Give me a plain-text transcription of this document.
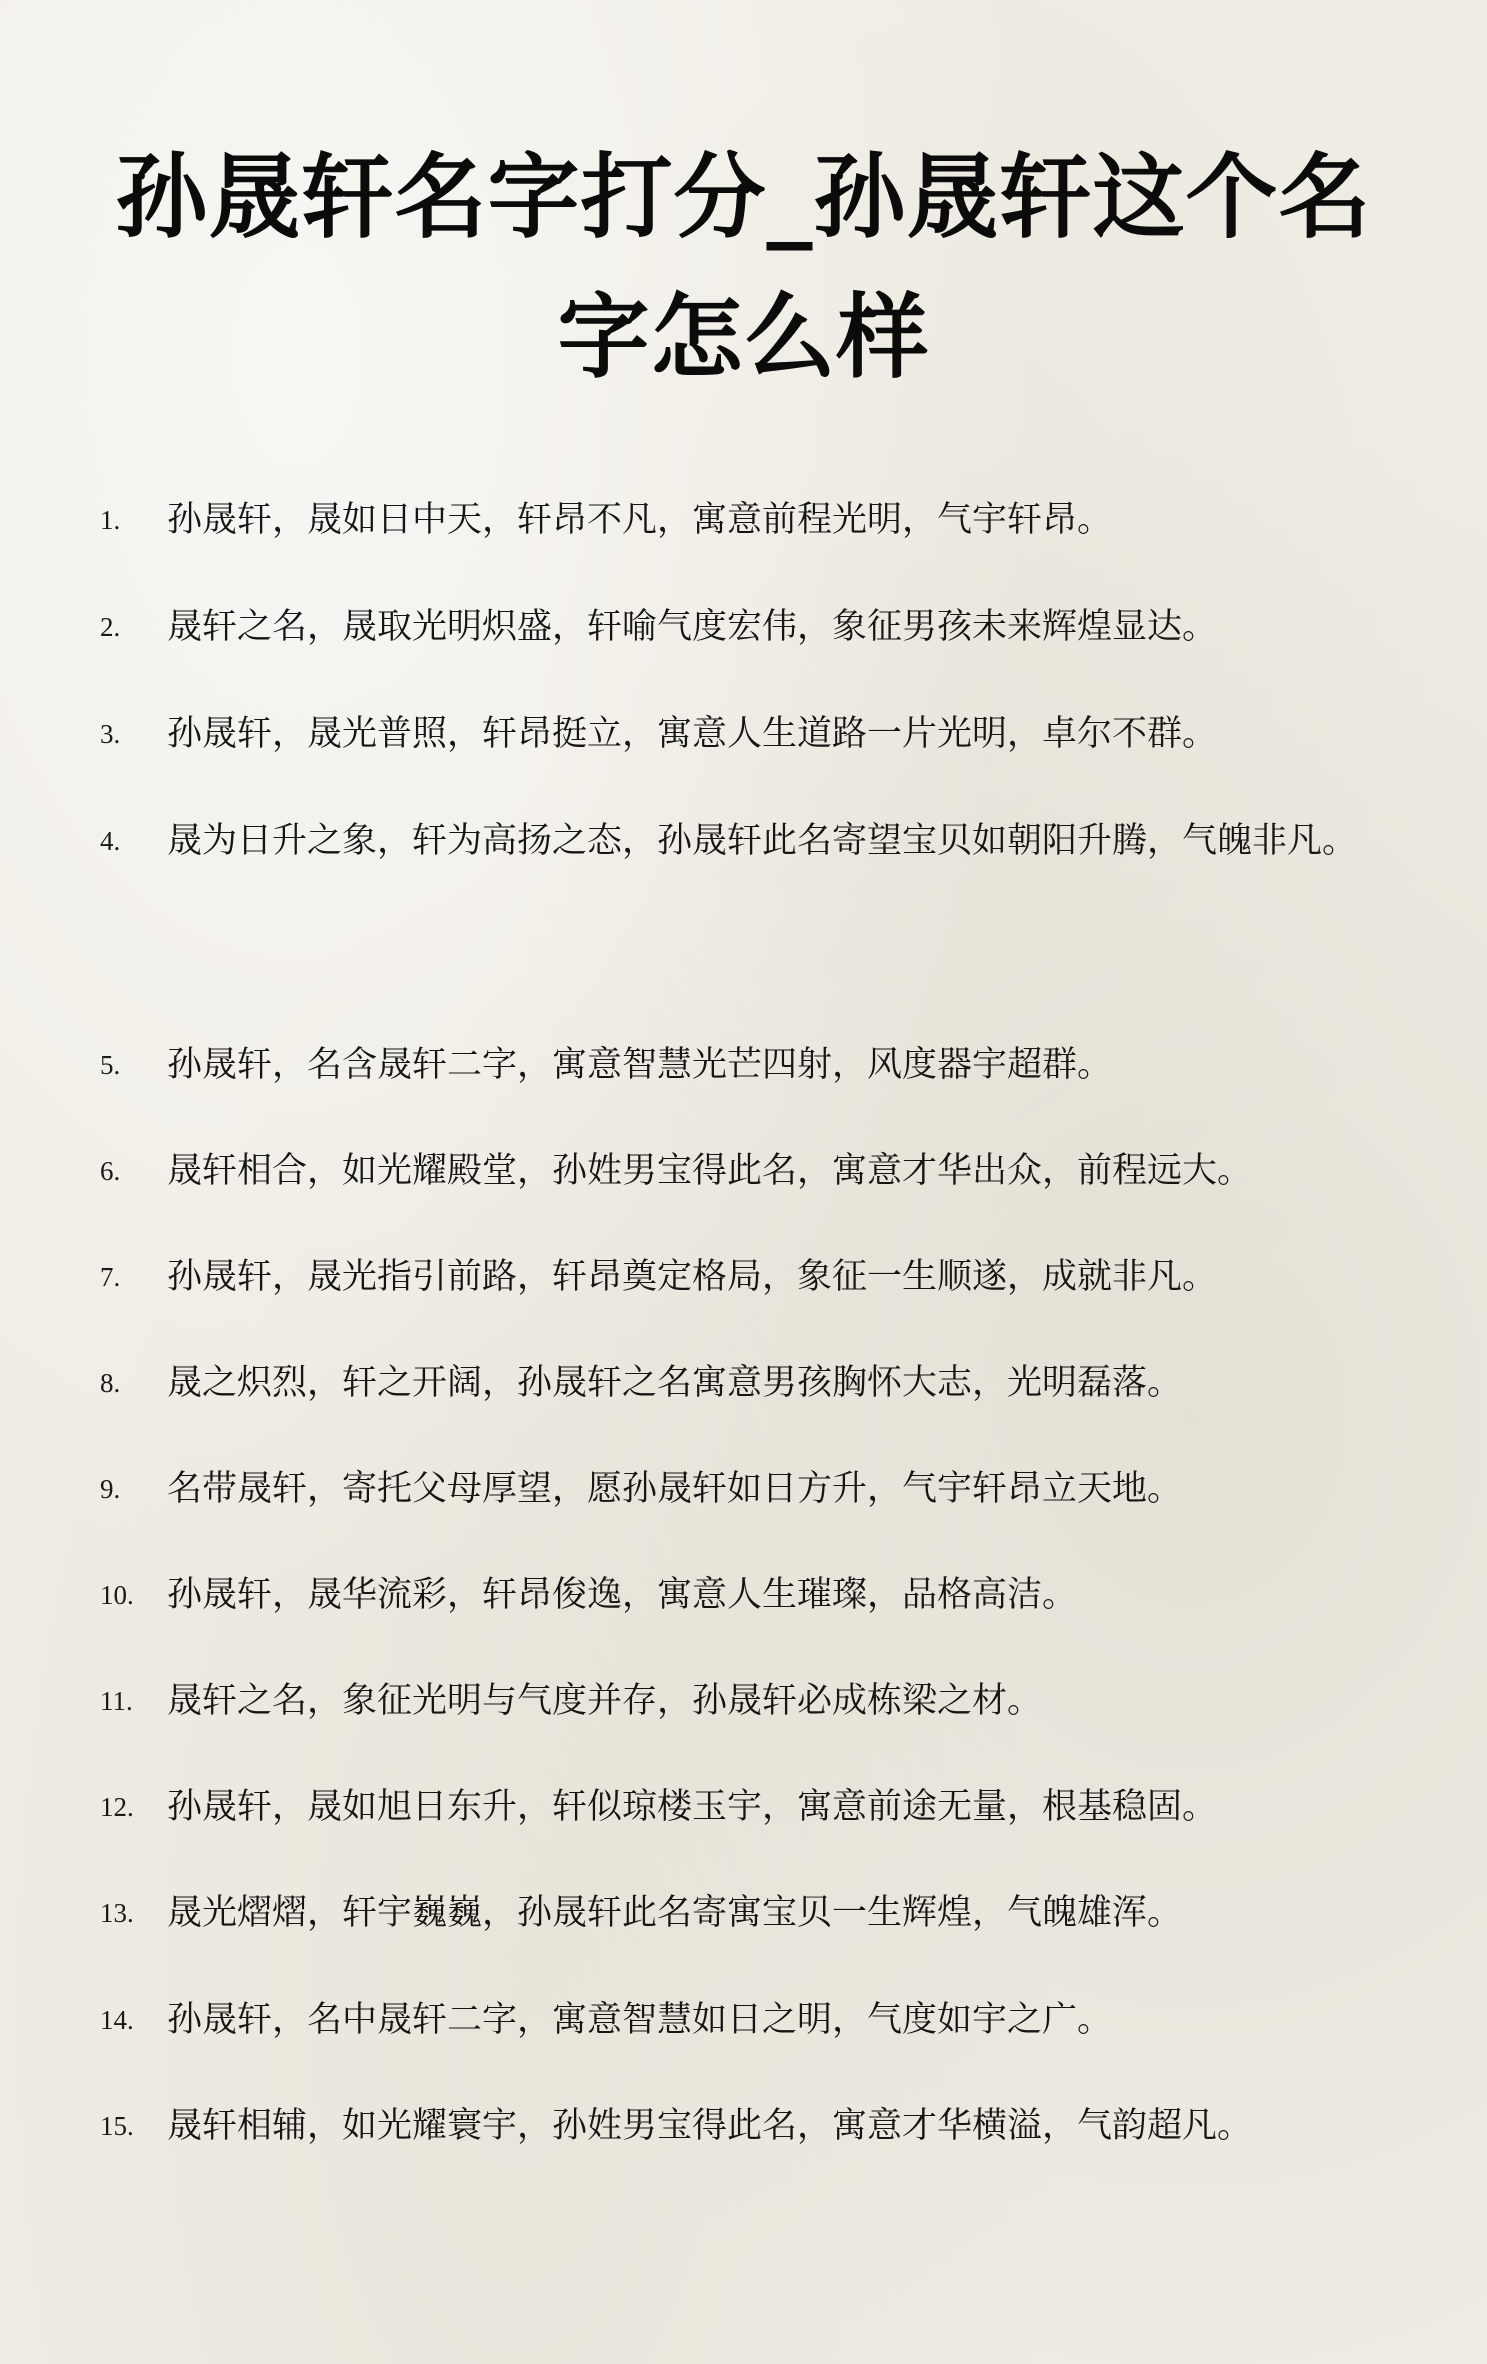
孙晟轩名字打分_孙晟轩这个名字怎么样
1. 孙晟轩，晟如日中天，轩昂不凡，寓意前程光明，气宇轩昂。
2. 晟轩之名，晟取光明炽盛，轩喻气度宏伟，象征男孩未来辉煌显达。
3. 孙晟轩，晟光普照，轩昂挺立，寓意人生道路一片光明，卓尔不群。
4. 晟为日升之象，轩为高扬之态，孙晟轩此名寄望宝贝如朝阳升腾，气魄非凡。
5. 孙晟轩，名含晟轩二字，寓意智慧光芒四射，风度器宇超群。
6. 晟轩相合，如光耀殿堂，孙姓男宝得此名，寓意才华出众，前程远大。
7. 孙晟轩，晟光指引前路，轩昂奠定格局，象征一生顺遂，成就非凡。
8. 晟之炽烈，轩之开阔，孙晟轩之名寓意男孩胸怀大志，光明磊落。
9. 名带晟轩，寄托父母厚望，愿孙晟轩如日方升，气宇轩昂立天地。
10. 孙晟轩，晟华流彩，轩昂俊逸，寓意人生璀璨，品格高洁。
11. 晟轩之名，象征光明与气度并存，孙晟轩必成栋梁之材。
12. 孙晟轩，晟如旭日东升，轩似琼楼玉宇，寓意前途无量，根基稳固。
13. 晟光熠熠，轩宇巍巍，孙晟轩此名寄寓宝贝一生辉煌，气魄雄浑。
14. 孙晟轩，名中晟轩二字，寓意智慧如日之明，气度如宇之广。
15. 晟轩相辅，如光耀寰宇，孙姓男宝得此名，寓意才华横溢，气韵超凡。
